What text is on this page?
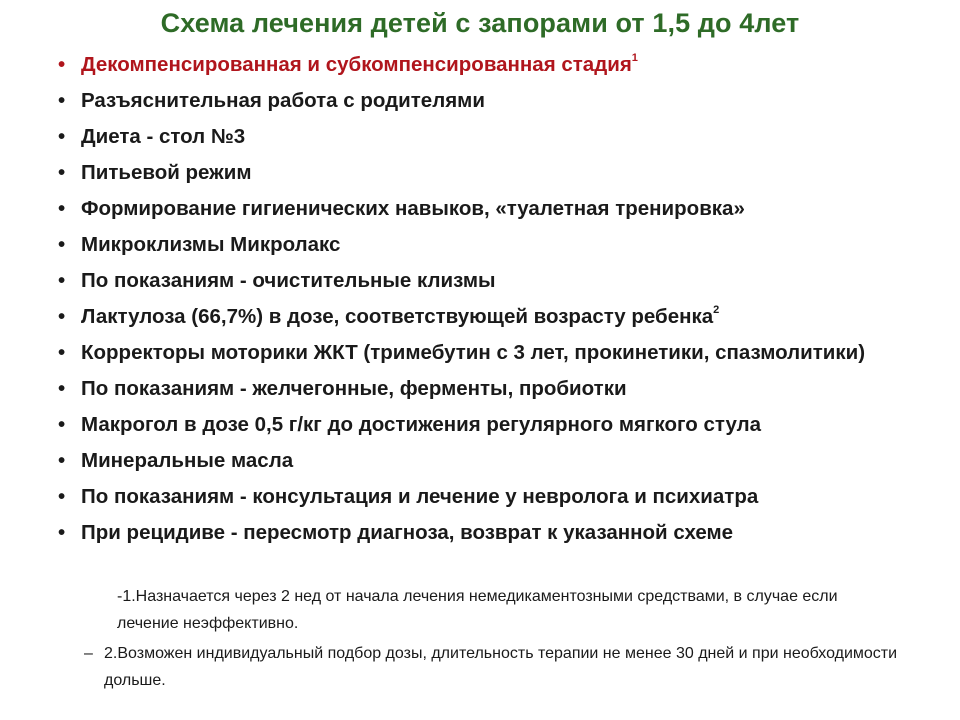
Схема лечения детей с запорами от 1,5 до 4лет
• Декомпенсированная и субкомпенсированная стадия$^1$
• Разъяснительная работа с родителями
• Диета - стол №3
• Питьевой режим
• Формирование гигиенических навыков, «туалетная тренировка»
• Микроклизмы Микролакс
• По показаниям - очистительные клизмы
• Лактулоза (66,7%) в дозе, соответствующей возрасту ребенка$^2$
• Корректоры моторики ЖКТ (тримебутин с 3 лет, прокинетики, спазмолитики)
• По показаниям - желчегонные, ферменты, пробиотки
• Макрогол в дозе 0,5 г/кг до достижения регулярного мягкого стула
• Минеральные масла
• По показаниям - консультация и лечение у невролога и психиатра
• При рецидиве - пересмотр диагноза, возврат к указанной схеме
-1.Назначается через 2 нед от начала лечения немедикаментозными средствами, в случае если лечение неэффективно.
– 2.Возможен индивидуальный подбор дозы, длительность терапии не менее 30 дней и при необходимости дольше.
